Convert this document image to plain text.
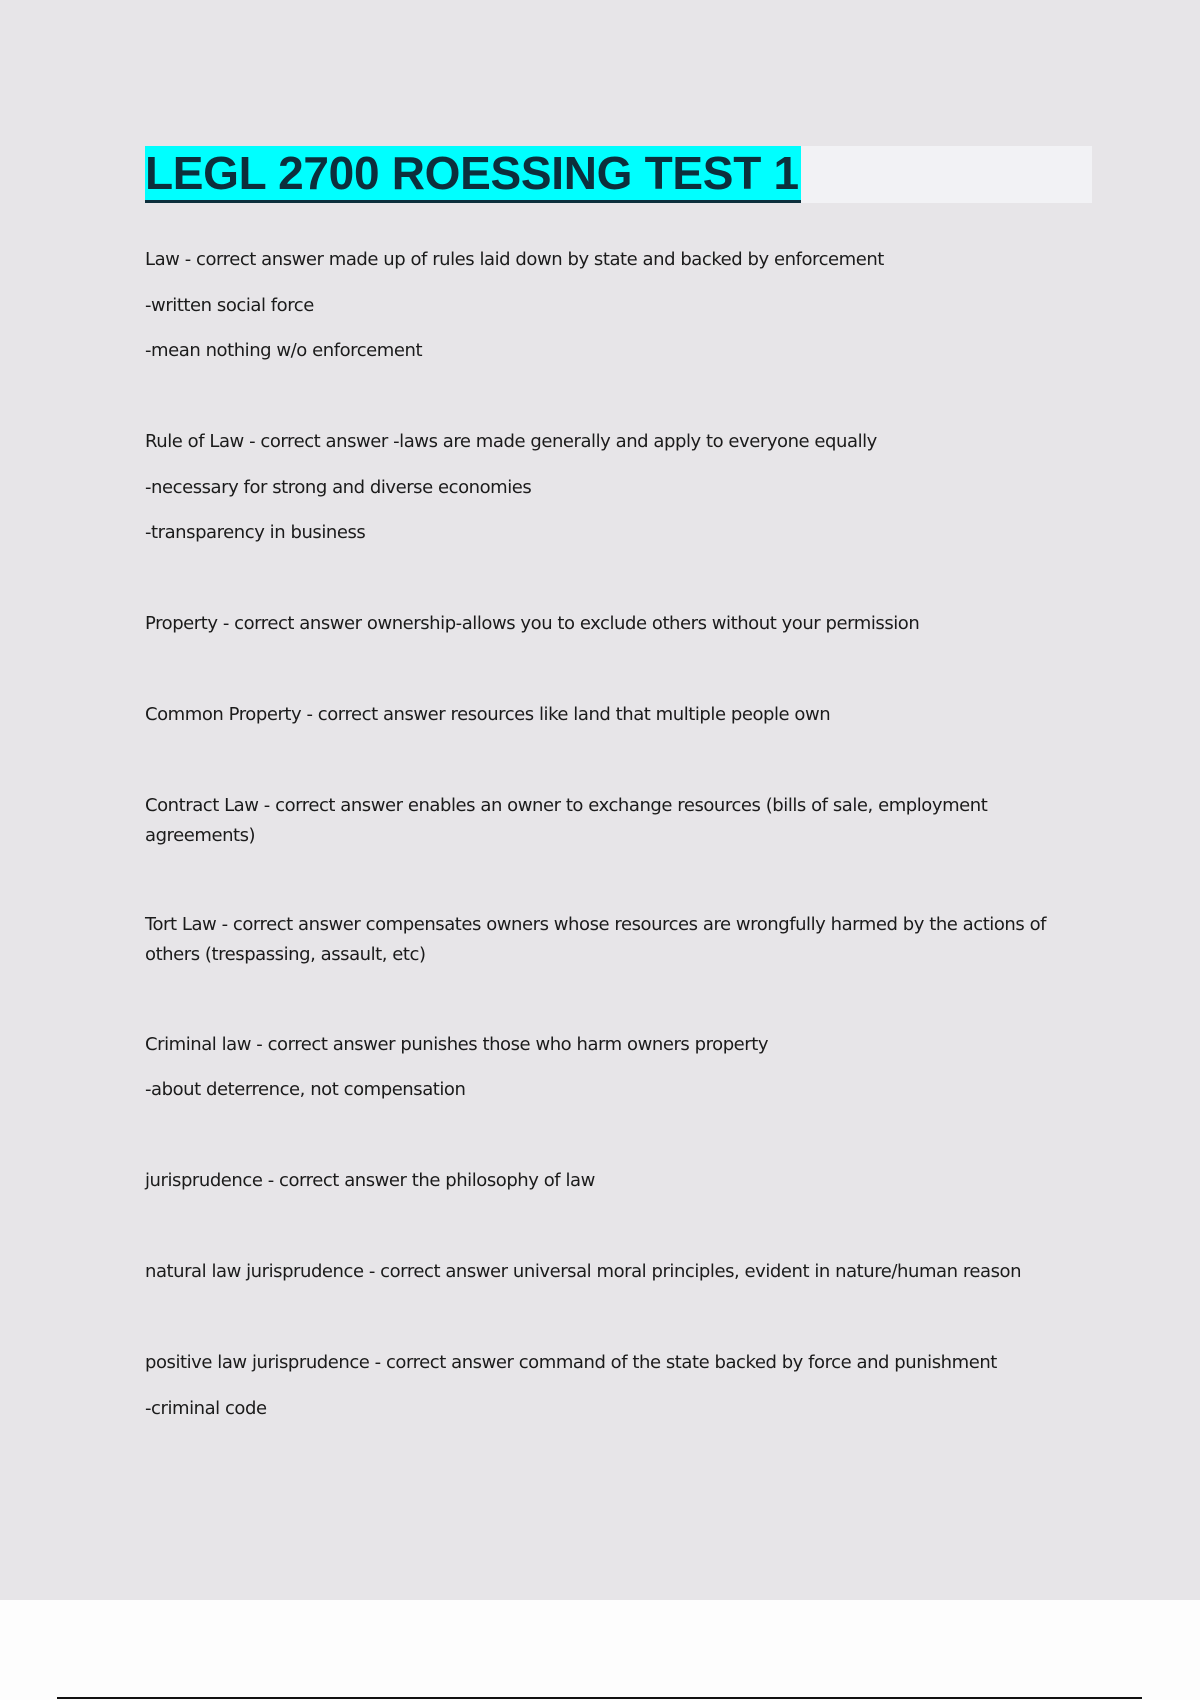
LEGL 2700 ROESSING TEST 1
Law - correct answer made up of rules laid down by state and backed by enforcement
-written social force
-mean nothing w/o enforcement
Rule of Law - correct answer -laws are made generally and apply to everyone equally
-necessary for strong and diverse economies
-transparency in business
Property - correct answer ownership-allows you to exclude others without your permission
Common Property - correct answer resources like land that multiple people own
Contract Law - correct answer enables an owner to exchange resources (bills of sale, employment agreements)
Tort Law - correct answer compensates owners whose resources are wrongfully harmed by the actions of others (trespassing, assault, etc)
Criminal law - correct answer punishes those who harm owners property
-about deterrence, not compensation
jurisprudence - correct answer the philosophy of law
natural law jurisprudence - correct answer universal moral principles, evident in nature/human reason
positive law jurisprudence - correct answer command of the state backed by force and punishment
-criminal code
